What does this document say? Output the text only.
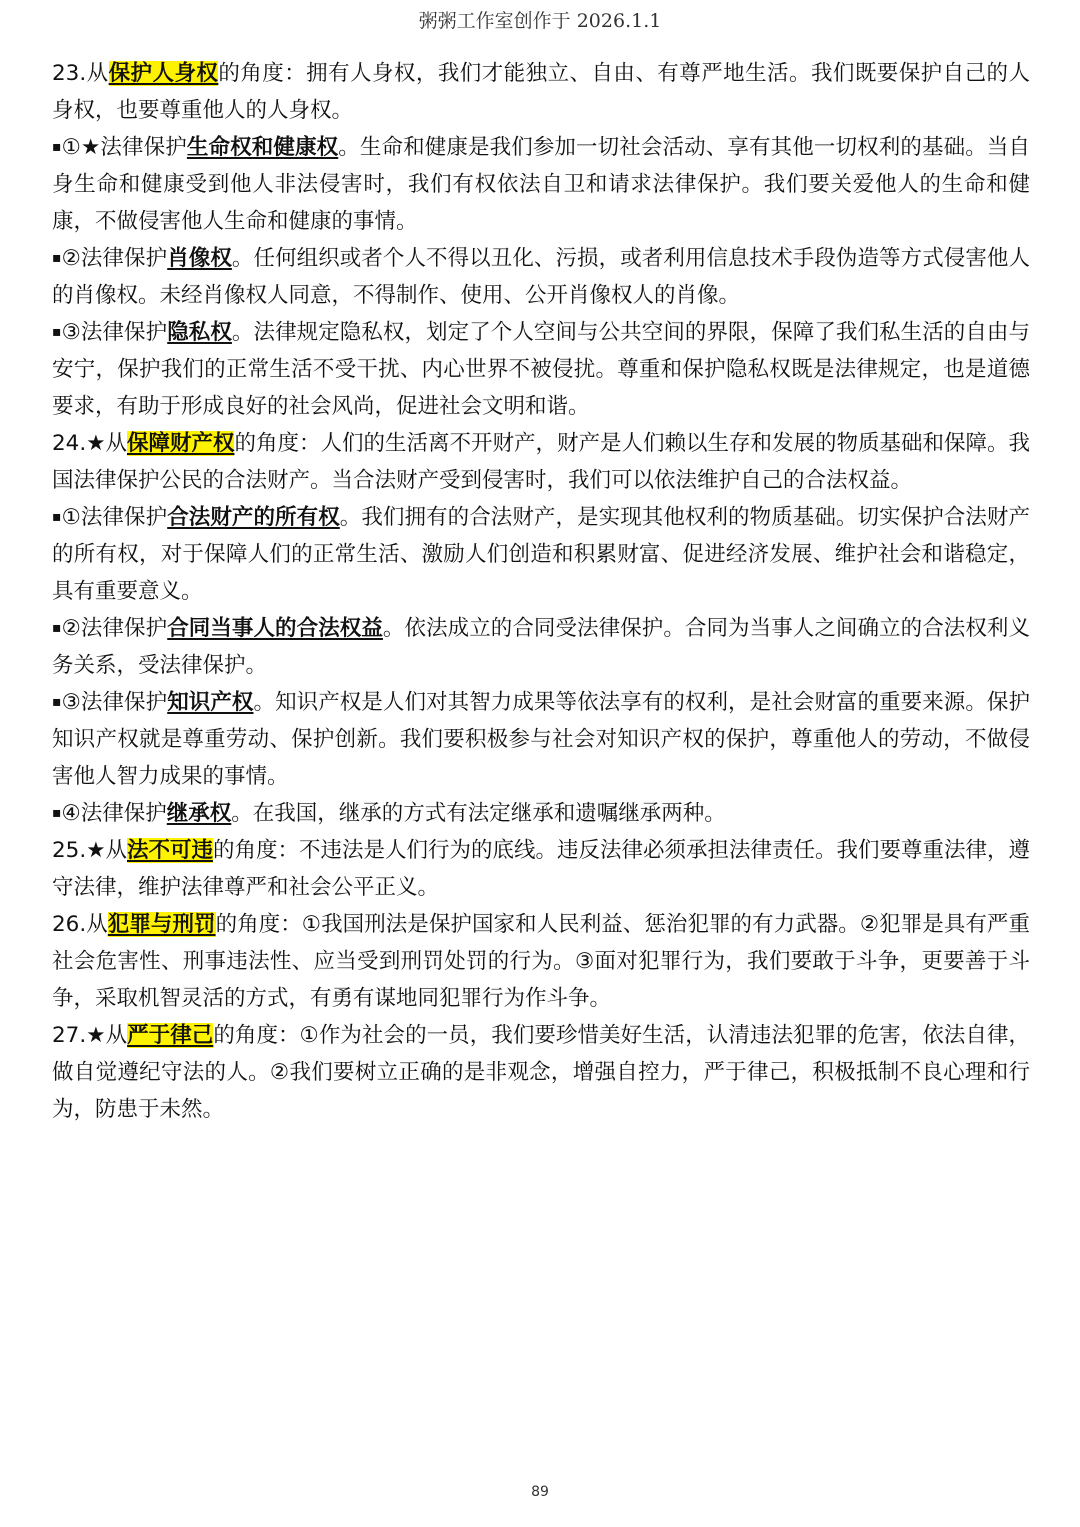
粥粥工作室创作于 2026.1.1

23.从保护人身权的角度：拥有人身权，我们才能独立、自由、有尊严地生活。我们既要保护自己的人身权，也要尊重他人的人身权。

▪①★法律保护生命权和健康权。生命和健康是我们参加一切社会活动、享有其他一切权利的基础。当自身生命和健康受到他人非法侵害时，我们有权依法自卫和请求法律保护。我们要关爱他人的生命和健康，不做侵害他人生命和健康的事情。

▪②法律保护肖像权。任何组织或者个人不得以丑化、污损，或者利用信息技术手段伪造等方式侵害他人的肖像权。未经肖像权人同意，不得制作、使用、公开肖像权人的肖像。

▪③法律保护隐私权。法律规定隐私权，划定了个人空间与公共空间的界限，保障了我们私生活的自由与安宁，保护我们的正常生活不受干扰、内心世界不被侵扰。尊重和保护隐私权既是法律规定，也是道德要求，有助于形成良好的社会风尚，促进社会文明和谐。

24.★从保障财产权的角度：人们的生活离不开财产，财产是人们赖以生存和发展的物质基础和保障。我国法律保护公民的合法财产。当合法财产受到侵害时，我们可以依法维护自己的合法权益。

▪①法律保护合法财产的所有权。我们拥有的合法财产，是实现其他权利的物质基础。切实保护合法财产的所有权，对于保障人们的正常生活、激励人们创造和积累财富、促进经济发展、维护社会和谐稳定，具有重要意义。

▪②法律保护合同当事人的合法权益。依法成立的合同受法律保护。合同为当事人之间确立的合法权利义务关系，受法律保护。

▪③法律保护知识产权。知识产权是人们对其智力成果等依法享有的权利，是社会财富的重要来源。保护知识产权就是尊重劳动、保护创新。我们要积极参与社会对知识产权的保护，尊重他人的劳动，不做侵害他人智力成果的事情。

▪④法律保护继承权。在我国，继承的方式有法定继承和遗嘱继承两种。

25.★从法不可违的角度：不违法是人们行为的底线。违反法律必须承担法律责任。我们要尊重法律，遵守法律，维护法律尊严和社会公平正义。

26.从犯罪与刑罚的角度：①我国刑法是保护国家和人民利益、惩治犯罪的有力武器。②犯罪是具有严重社会危害性、刑事违法性、应当受到刑罚处罚的行为。③面对犯罪行为，我们要敢于斗争，更要善于斗争，采取机智灵活的方式，有勇有谋地同犯罪行为作斗争。

27.★从严于律己的角度：①作为社会的一员，我们要珍惜美好生活，认清违法犯罪的危害，依法自律，做自觉遵纪守法的人。②我们要树立正确的是非观念，增强自控力，严于律己，积极抵制不良心理和行为，防患于未然。

89
